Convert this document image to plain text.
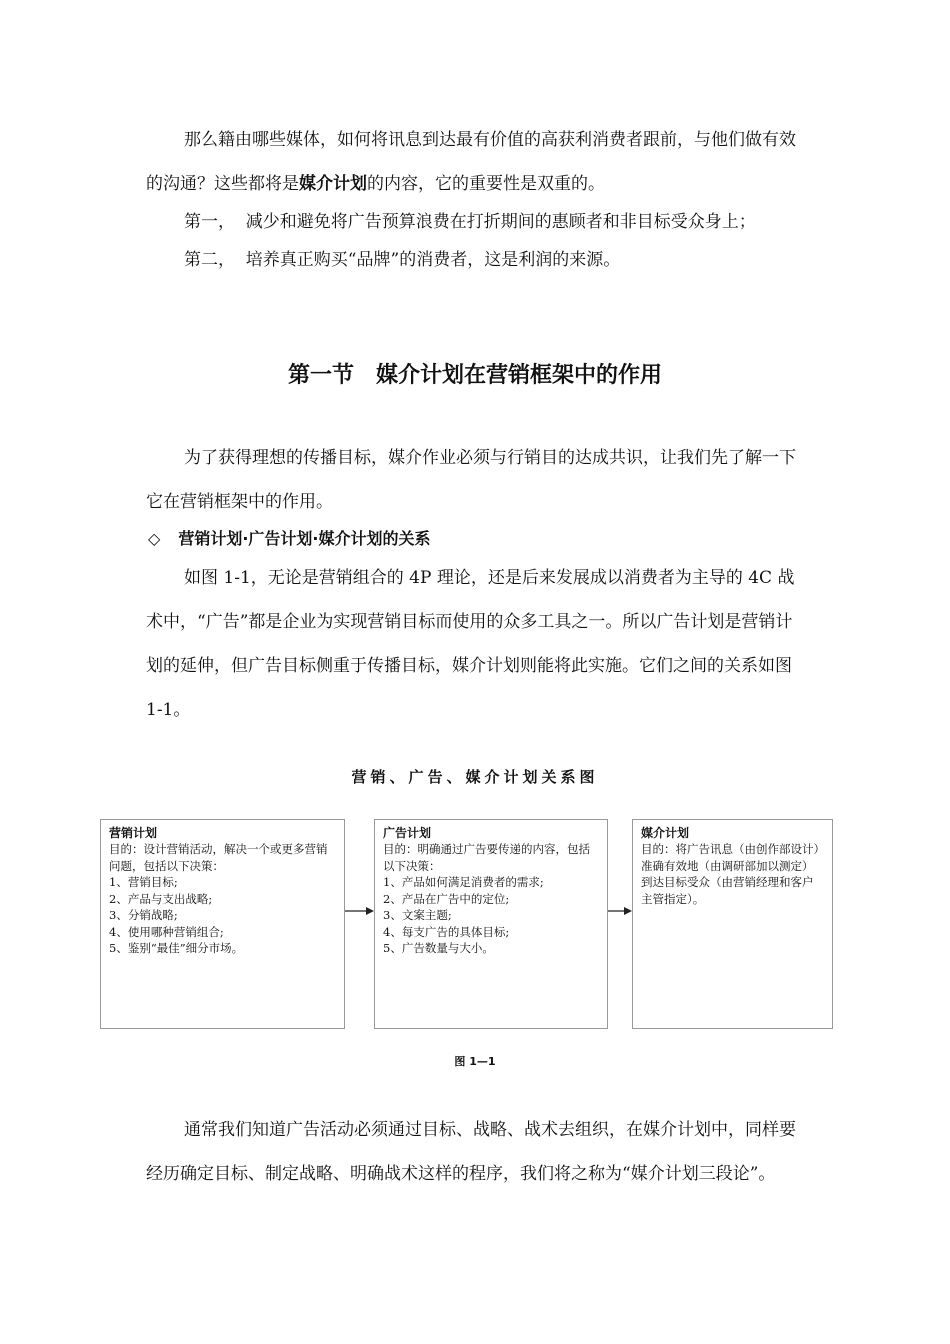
那么籍由哪些媒体，如何将讯息到达最有价值的高获利消费者跟前，与他们做有效的沟通？这些都将是媒介计划的内容，它的重要性是双重的。

第一，  减少和避免将广告预算浪费在打折期间的惠顾者和非目标受众身上；

第二，  培养真正购买“品牌”的消费者，这是利润的来源。

第一节　媒介计划在营销框架中的作用

为了获得理想的传播目标，媒介作业必须与行销目的达成共识，让我们先了解一下它在营销框架中的作用。

◇ 营销计划·广告计划·媒介计划的关系

如图 1-1，无论是营销组合的 4P 理论，还是后来发展成以消费者为主导的 4C 战术中，“广告”都是企业为实现营销目标而使用的众多工具之一。所以广告计划是营销计划的延伸，但广告目标侧重于传播目标，媒介计划则能将此实施。它们之间的关系如图 1-1。

营销、广告、媒介计划关系图

营销计划
目的：设计营销活动，解决一个或更多营销问题，包括以下决策：
1、营销目标;
2、产品与支出战略;
3、分销战略;
4、使用哪种营销组合;
5、鉴别“最佳”细分市场。
广告计划
目的：明确通过广告要传递的内容，包括以下决策：
1、产品如何满足消费者的需求;
2、产品在广告中的定位;
3、文案主题;
4、每支广告的具体目标;
5、广告数量与大小。
媒介计划
目的：将广告讯息（由创作部设计）准确有效地（由调研部加以测定）到达目标受众（由营销经理和客户主管指定）。

图 1—1

通常我们知道广告活动必须通过目标、战略、战术去组织，在媒介计划中，同样要经历确定目标、制定战略、明确战术这样的程序，我们将之称为“媒介计划三段论”。
